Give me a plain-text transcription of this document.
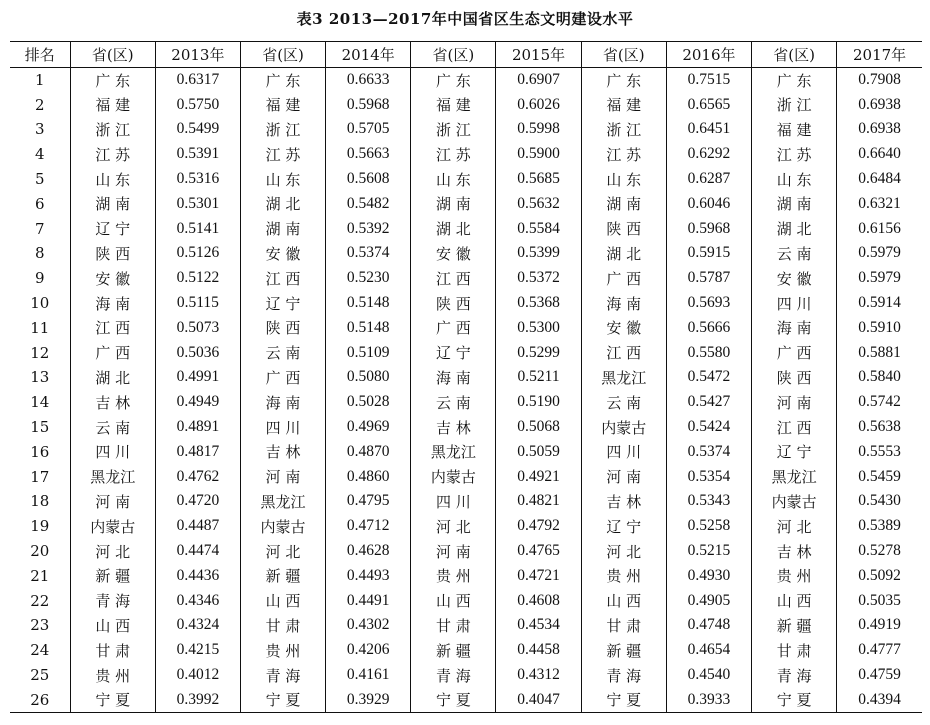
表3 2013—2017年中国省区生态文明建设水平
排名	省(区)	2013年	省(区)	2014年	省(区)	2015年	省(区)	2016年	省(区)	2017年
1	广 东	0.6317	广 东	0.6633	广 东	0.6907	广 东	0.7515	广 东	0.7908
2	福 建	0.5750	福 建	0.5968	福 建	0.6026	福 建	0.6565	浙 江	0.6938
3	浙 江	0.5499	浙 江	0.5705	浙 江	0.5998	浙 江	0.6451	福 建	0.6938
4	江 苏	0.5391	江 苏	0.5663	江 苏	0.5900	江 苏	0.6292	江 苏	0.6640
5	山 东	0.5316	山 东	0.5608	山 东	0.5685	山 东	0.6287	山 东	0.6484
6	湖 南	0.5301	湖 北	0.5482	湖 南	0.5632	湖 南	0.6046	湖 南	0.6321
7	辽 宁	0.5141	湖 南	0.5392	湖 北	0.5584	陕 西	0.5968	湖 北	0.6156
8	陕 西	0.5126	安 徽	0.5374	安 徽	0.5399	湖 北	0.5915	云 南	0.5979
9	安 徽	0.5122	江 西	0.5230	江 西	0.5372	广 西	0.5787	安 徽	0.5979
10	海 南	0.5115	辽 宁	0.5148	陕 西	0.5368	海 南	0.5693	四 川	0.5914
11	江 西	0.5073	陕 西	0.5148	广 西	0.5300	安 徽	0.5666	海 南	0.5910
12	广 西	0.5036	云 南	0.5109	辽 宁	0.5299	江 西	0.5580	广 西	0.5881
13	湖 北	0.4991	广 西	0.5080	海 南	0.5211	黑龙江	0.5472	陕 西	0.5840
14	吉 林	0.4949	海 南	0.5028	云 南	0.5190	云 南	0.5427	河 南	0.5742
15	云 南	0.4891	四 川	0.4969	吉 林	0.5068	内蒙古	0.5424	江 西	0.5638
16	四 川	0.4817	吉 林	0.4870	黑龙江	0.5059	四 川	0.5374	辽 宁	0.5553
17	黑龙江	0.4762	河 南	0.4860	内蒙古	0.4921	河 南	0.5354	黑龙江	0.5459
18	河 南	0.4720	黑龙江	0.4795	四 川	0.4821	吉 林	0.5343	内蒙古	0.5430
19	内蒙古	0.4487	内蒙古	0.4712	河 北	0.4792	辽 宁	0.5258	河 北	0.5389
20	河 北	0.4474	河 北	0.4628	河 南	0.4765	河 北	0.5215	吉 林	0.5278
21	新 疆	0.4436	新 疆	0.4493	贵 州	0.4721	贵 州	0.4930	贵 州	0.5092
22	青 海	0.4346	山 西	0.4491	山 西	0.4608	山 西	0.4905	山 西	0.5035
23	山 西	0.4324	甘 肃	0.4302	甘 肃	0.4534	甘 肃	0.4748	新 疆	0.4919
24	甘 肃	0.4215	贵 州	0.4206	新 疆	0.4458	新 疆	0.4654	甘 肃	0.4777
25	贵 州	0.4012	青 海	0.4161	青 海	0.4312	青 海	0.4540	青 海	0.4759
26	宁 夏	0.3992	宁 夏	0.3929	宁 夏	0.4047	宁 夏	0.3933	宁 夏	0.4394
